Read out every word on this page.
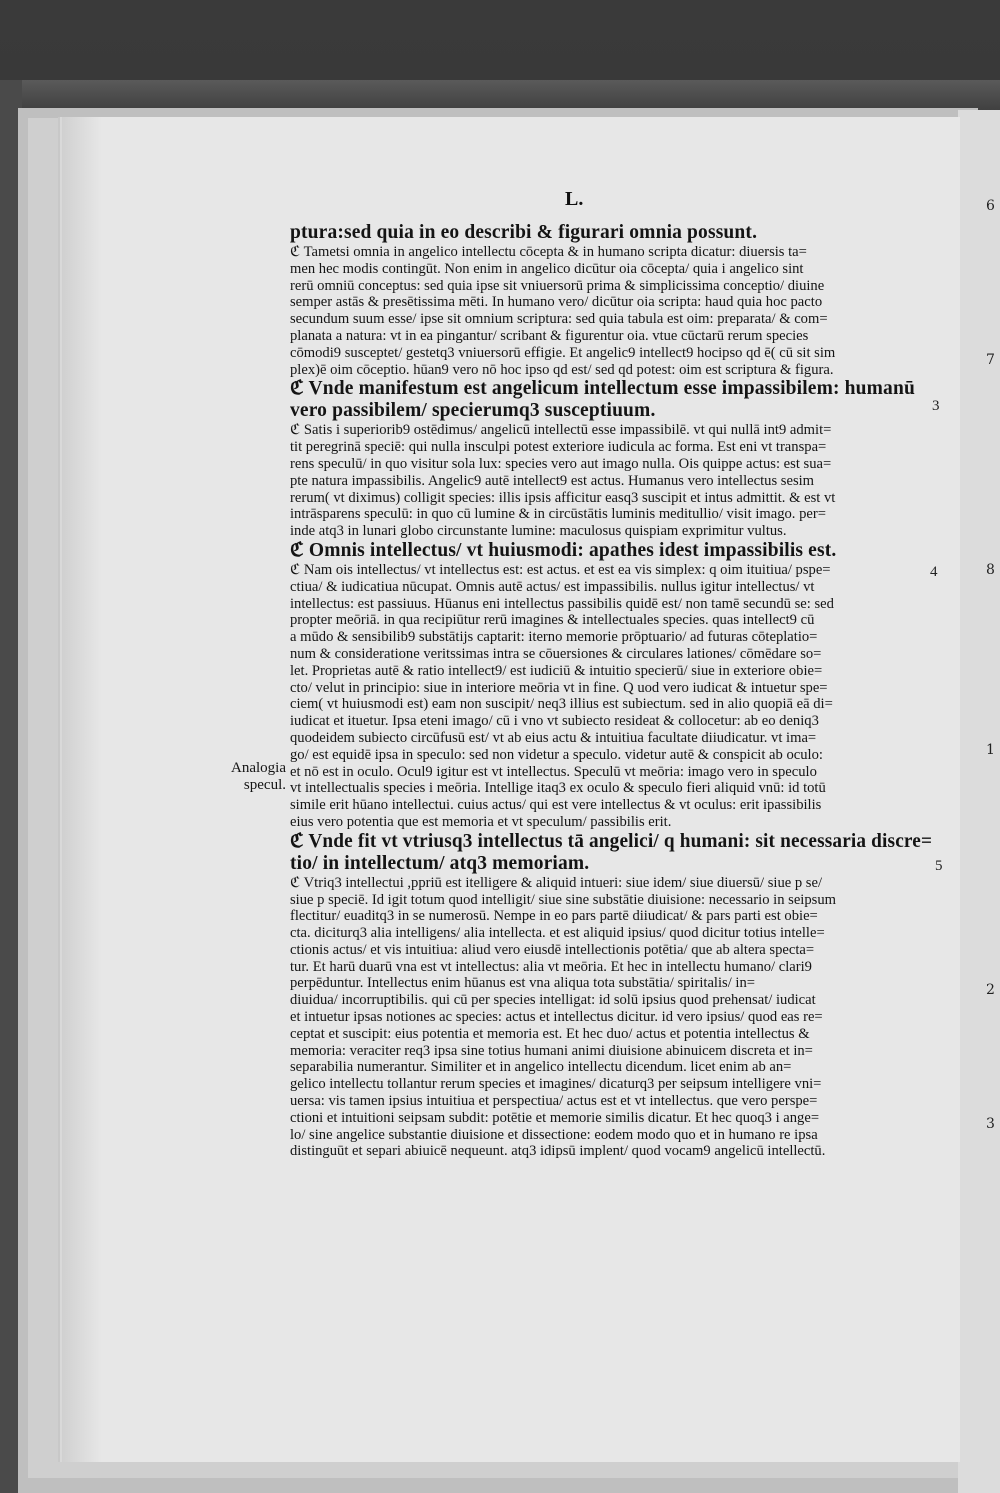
L.
ptura:sed quia in eo describi & figurari omnia possunt.
ℭ Tametsi omnia in angelico intellectu cōcepta & in humano scripta dicatur: diuersis ta=
men hec modis contingūt. Non enim in angelico dicūtur oia cōcepta/ quia i angelico sint
rerū omniū conceptus: sed quia ipse sit vniuersorū prima & simplicissima conceptio/ diuine
semper astās & presētissima mēti. In humano vero/ dicūtur oia scripta: haud quia hoc pacto
secundum suum esse/ ipse sit omnium scriptura: sed quia tabula est oim: preparata/ & com=
planata a natura: vt in ea pingantur/ scribant & figurentur oia. vtue cūctarū rerum species
cōmodi9 susceptet/ gestetq3 vniuersorū effigie. Et angelic9 intellect9 hocipso qd ē( cū sit sim
plex)ē oim cōceptio. hūan9 vero nō hoc ipso qd est/ sed qd potest: oim est scriptura & figura.
ℭ Vnde manifestum est angelicum intellectum esse impassibilem: humanū
vero passibilem/ specierumq3 susceptiuum.
ℭ Satis i superiorib9 ostēdimus/ angelicū intellectū esse impassibilē. vt qui nullā int9 admit=
tit peregrinā speciē: qui nulla insculpi potest exteriore iudicula ac forma. Est eni vt transpa=
rens speculū/ in quo visitur sola lux: species vero aut imago nulla. Ois quippe actus: est sua=
pte natura impassibilis. Angelic9 autē intellect9 est actus. Humanus vero intellectus sesim
rerum( vt diximus) colligit species: illis ipsis afficitur easq3 suscipit et intus admittit. & est vt
intrāsparens speculū: in quo cū lumine & in circūstātis luminis meditullio/ visit imago. per=
inde atq3 in lunari globo circunstante lumine: maculosus quispiam exprimitur vultus.
ℭ Omnis intellectus/ vt huiusmodi: apathes idest impassibilis est.
ℭ Nam ois intellectus/ vt intellectus est: est actus. et est ea vis simplex: q oim ituitiua/ pspe=
ctiua/ & iudicatiua nūcupat. Omnis autē actus/ est impassibilis. nullus igitur intellectus/ vt
intellectus: est passiuus. Hūanus eni intellectus passibilis quidē est/ non tamē secundū se: sed
propter meōriā. in qua recipiūtur rerū imagines & intellectuales species. quas intellect9 cū
a mūdo & sensibilib9 substātijs captarit: iterno memorie prōptuario/ ad futuras cōteplatio=
num & consideratione veritssimas intra se cōuersiones & circulares lationes/ cōmēdare so=
let. Proprietas autē & ratio intellect9/ est iudiciū & intuitio specierū/ siue in exteriore obie=
cto/ velut in principio: siue in interiore meōria vt in fine. Q uod vero iudicat & intuetur spe=
ciem( vt huiusmodi est) eam non suscipit/ neq3 illius est subiectum. sed in alio quopiā eā di=
iudicat et ituetur. Ipsa eteni imago/ cū i vno vt subiecto resideat & collocetur: ab eo deniq3
quodeidem subiecto circūfusū est/ vt ab eius actu & intuitiua facultate diiudicatur. vt ima=
go/ est equidē ipsa in speculo: sed non videtur a speculo. videtur autē & conspicit ab oculo:
et nō est in oculo. Ocul9 igitur est vt intellectus. Speculū vt meōria: imago vero in speculo
vt intellectualis species i meōria. Intellige itaq3 ex oculo & speculo fieri aliquid vnū: id totū
simile erit hūano intellectui. cuius actus/ qui est vere intellectus & vt oculus: erit ipassibilis
eius vero potentia que est memoria et vt speculum/ passibilis erit.
ℭ Vnde fit vt vtriusq3 intellectus tā angelici/ q humani: sit necessaria discre=
tio/ in intellectum/ atq3 memoriam.
ℭ Vtriq3 intellectui ,ppriū est itelligere & aliquid intueri: siue idem/ siue diuersū/ siue p se/
siue p speciē. Id igit totum quod intelligit/ siue sine substātie diuisione: necessario in seipsum
flectitur/ euaditq3 in se numerosū. Nempe in eo pars partē diiudicat/ & pars parti est obie=
cta. diciturq3 alia intelligens/ alia intellecta. et est aliquid ipsius/ quod dicitur totius intelle=
ctionis actus/ et vis intuitiua: aliud vero eiusdē intellectionis potētia/ que ab altera specta=
tur. Et harū duarū vna est vt intellectus: alia vt meōria. Et hec in intellectu humano/ clari9
perpēduntur. Intellectus enim hūanus est vna aliqua tota substātia/ spiritalis/ in=
diuidua/ incorruptibilis. qui cū per species intelligat: id solū ipsius quod prehensat/ iudicat
et intuetur ipsas notiones ac species: actus et intellectus dicitur. id vero ipsius/ quod eas re=
ceptat et suscipit: eius potentia et memoria est. Et hec duo/ actus et potentia intellectus &
memoria: veraciter req3 ipsa sine totius humani animi diuisione abinuicem discreta et in=
separabilia numerantur. Similiter et in angelico intellectu dicendum. licet enim ab an=
gelico intellectu tollantur rerum species et imagines/ dicaturq3 per seipsum intelligere vni=
uersa: vis tamen ipsius intuitiua et perspectiua/ actus est et vt intellectus. que vero perspe=
ctioni et intuitioni seipsam subdit: potētie et memorie similis dicatur. Et hec quoq3 i ange=
lo/ sine angelice substantie diuisione et dissectione: eodem modo quo et in humano re ipsa
distinguūt et separi abiuicē nequeunt. atq3 idipsū implent/ quod vocam9 angelicū intellectū.
Analogia
specul.
3
4
5
6
7
8
1
2
3
